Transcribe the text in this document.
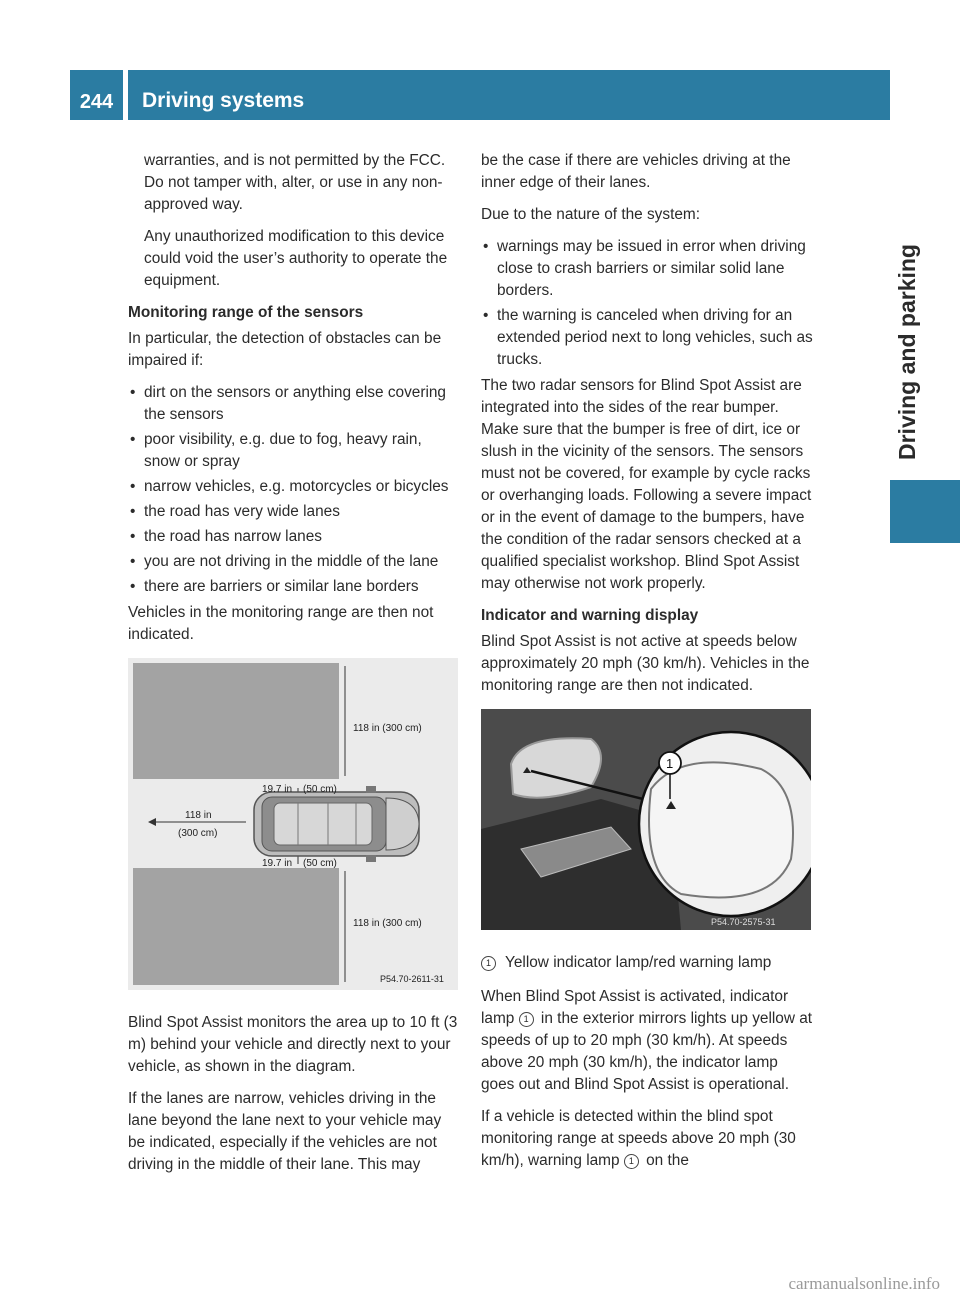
244	Driving systems
Driving and parking

warranties, and is not permitted by the FCC. Do not tamper with, alter, or use in any non-approved way.

Any unauthorized modification to this device could void the user’s authority to operate the equipment.

Monitoring range of the sensors

In particular, the detection of obstacles can be impaired if:

• dirt on the sensors or anything else covering the sensors
• poor visibility, e.g. due to fog, heavy rain, snow or spray
• narrow vehicles, e.g. motorcycles or bicycles
• the road has very wide lanes
• the road has narrow lanes
• you are not driving in the middle of the lane
• there are barriers or similar lane borders

Vehicles in the monitoring range are then not indicated.

118 in (300 cm)
19.7 in (50 cm)
118 in
(300 cm)
19.7 in (50 cm)
118 in (300 cm)
P54.70-2611-31

Blind Spot Assist monitors the area up to 10 ft (3 m) behind your vehicle and directly next to your vehicle, as shown in the diagram.

If the lanes are narrow, vehicles driving in the lane beyond the lane next to your vehicle may be indicated, especially if the vehicles are not driving in the middle of their lane. This may

be the case if there are vehicles driving at the inner edge of their lanes.

Due to the nature of the system:

• warnings may be issued in error when driving close to crash barriers or similar solid lane borders.
• the warning is canceled when driving for an extended period next to long vehicles, such as trucks.

The two radar sensors for Blind Spot Assist are integrated into the sides of the rear bumper. Make sure that the bumper is free of dirt, ice or slush in the vicinity of the sensors. The sensors must not be covered, for example by cycle racks or overhanging loads. Following a severe impact or in the event of damage to the bumpers, have the condition of the radar sensors checked at a qualified specialist workshop. Blind Spot Assist may otherwise not work properly.

Indicator and warning display

Blind Spot Assist is not active at speeds below approximately 20 mph (30 km/h). Vehicles in the monitoring range are then not indicated.

1
P54.70-2575-31
1 Yellow indicator lamp/red warning lamp

When Blind Spot Assist is activated, indicator lamp 1 in the exterior mirrors lights up yellow at speeds of up to 20 mph (30 km/h). At speeds above 20 mph (30 km/h), the indicator lamp goes out and Blind Spot Assist is operational.

If a vehicle is detected within the blind spot monitoring range at speeds above 20 mph (30 km/h), warning lamp 1 on the

carmanualsonline.info
